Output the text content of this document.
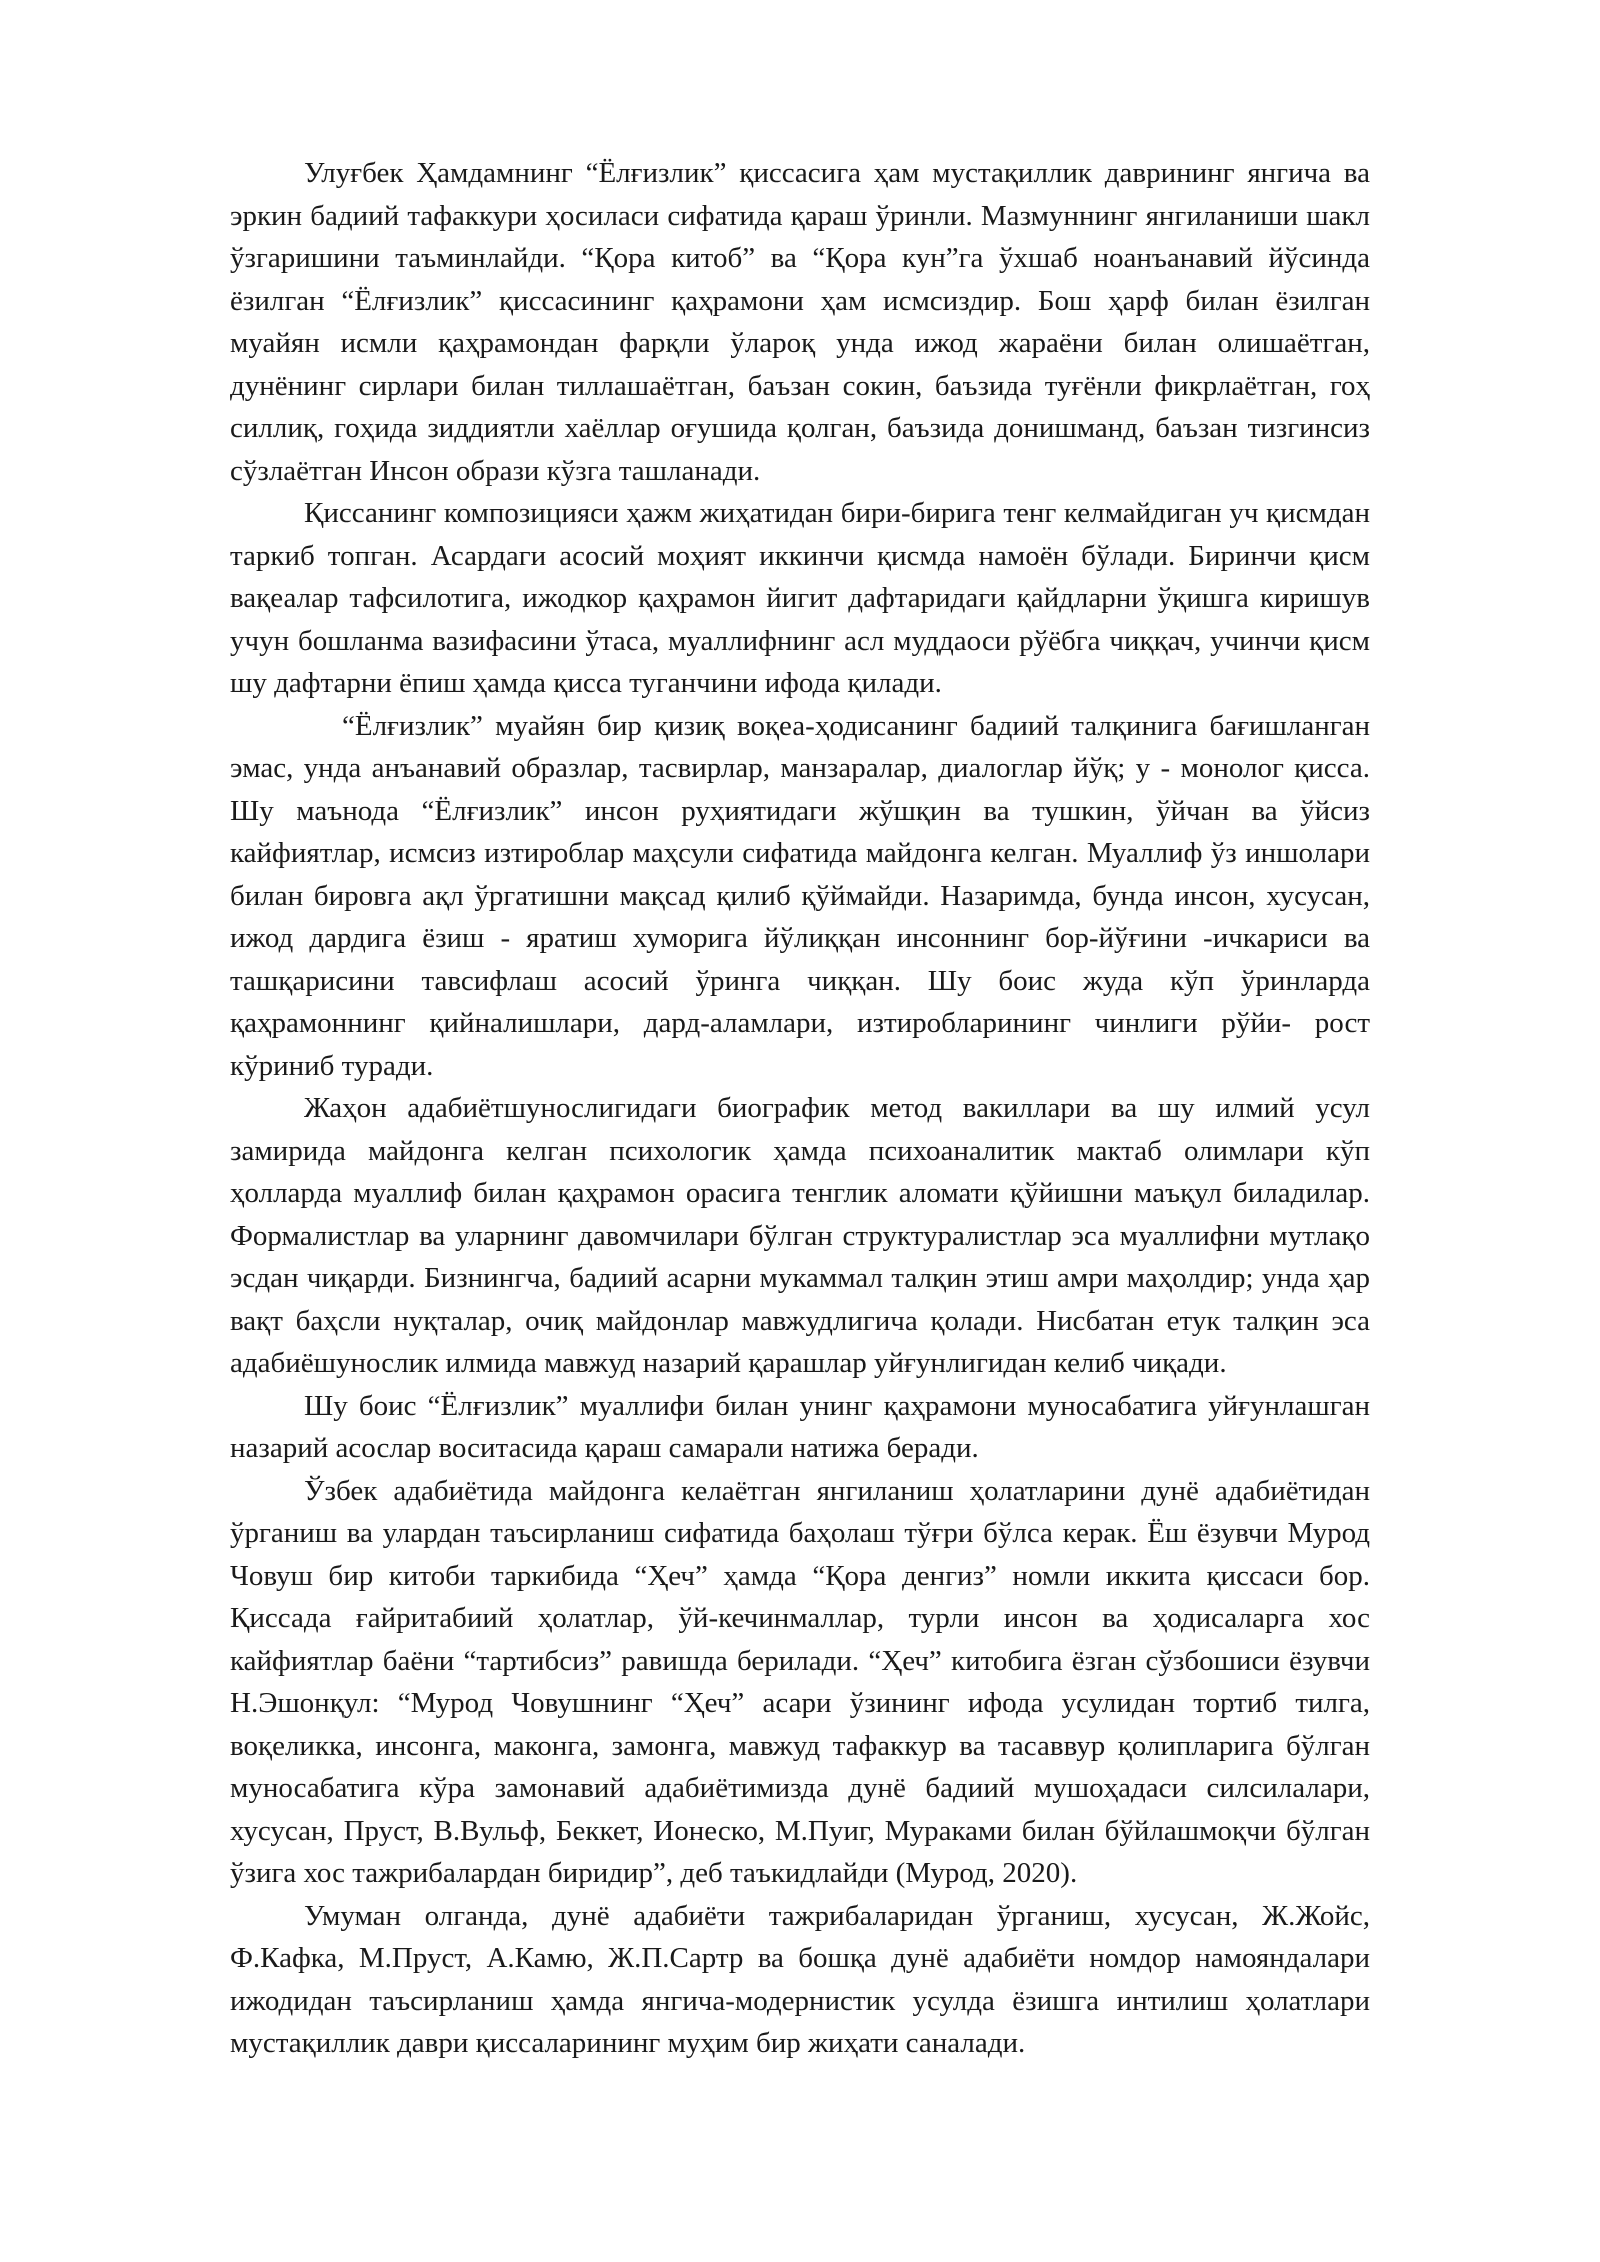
Улуғбек Ҳамдамнинг “Ёлғизлик” қиссасига ҳам мустақиллик даврининг янгича ва эркин бадиий тафаккури ҳосиласи сифатида қараш ўринли. Мазмуннинг янгиланиши шакл ўзгаришини таъминлайди. “Қора китоб” ва “Қора кун”га ўхшаб ноанъанавий йўсинда ёзилган “Ёлғизлик” қиссасининг қаҳрамони ҳам исмсиздир. Бош ҳарф билан ёзилган муайян исмли қаҳрамондан фарқли ўлароқ унда ижод жараёни билан олишаётган, дунёнинг сирлари билан тиллашаётган, баъзан сокин, баъзида туғёнли фикрлаётган, гоҳ силлиқ, гоҳида зиддиятли хаёллар оғушида қолган, баъзида донишманд, баъзан тизгинсиз сўзлаётган Инсон образи кўзга ташланади.

Қиссанинг композицияси ҳажм жиҳатидан бири-бирига тенг келмайдиган уч қисмдан таркиб топган. Асардаги асосий моҳият иккинчи қисмда намоён бўлади. Биринчи қисм вақеалар тафсилотига, ижодкор қаҳрамон йигит дафтаридаги қайдларни ўқишга киришув учун бошланма вазифасини ўтаса, муаллифнинг асл муддаоси рўёбга чиққач, учинчи қисм шу дафтарни ёпиш ҳамда қисса туганчини ифода қилади.

“Ёлғизлик” муайян бир қизиқ воқеа-ҳодисанинг бадиий талқинига бағишланган эмас, унда анъанавий образлар, тасвирлар, манзаралар, диалоглар йўқ; у - монолог қисса. Шу маънода “Ёлғизлик” инсон руҳиятидаги жўшқин ва тушкин, ўйчан ва ўйсиз кайфиятлар, исмсиз изтироблар маҳсули сифатида майдонга келган. Муаллиф ўз иншолари билан бировга ақл ўргатишни мақсад қилиб қўймайди. Назаримда, бунда инсон, хусусан, ижод дардига ёзиш - яратиш хуморига йўлиққан инсоннинг бор-йўғини -ичкариси ва ташқарисини тавсифлаш асосий ўринга чиққан. Шу боис жуда кўп ўринларда қаҳрамоннинг қийналишлари, дард-аламлари, изтиробларининг чинлиги рўйи- рост кўриниб туради.

Жаҳон адабиётшунослигидаги биографик метод вакиллари ва шу илмий усул замирида майдонга келган психологик ҳамда психоаналитик мактаб олимлари кўп ҳолларда муаллиф билан қаҳрамон орасига тенглик аломати қўйишни маъқул биладилар. Формалистлар ва уларнинг давомчилари бўлган структуралистлар эса муаллифни мутлақо эсдан чиқарди. Бизнингча, бадиий асарни мукаммал талқин этиш амри маҳолдир; унда ҳар вақт баҳсли нуқталар, очиқ майдонлар мавжудлигича қолади. Нисбатан етук талқин эса адабиёшунослик илмида мавжуд назарий қарашлар уйғунлигидан келиб чиқади.

Шу боис “Ёлғизлик” муаллифи билан унинг қаҳрамони муносабатига уйғунлашган назарий асослар воситасида қараш самарали натижа беради.

Ўзбек адабиётида майдонга келаётган янгиланиш ҳолатларини дунё адабиётидан ўрганиш ва улардан таъсирланиш сифатида баҳолаш тўғри бўлса керак. Ёш ёзувчи Мурод Човуш бир китоби таркибида “Ҳеч” ҳамда “Қора денгиз” номли иккита қиссаси бор. Қиссада ғайритабиий ҳолатлар, ўй-кечинмаллар, турли инсон ва ҳодисаларга хос кайфиятлар баёни “тартибсиз” равишда берилади. “Ҳеч” китобига ёзган сўзбошиси ёзувчи Н.Эшонқул: “Мурод Човушнинг “Ҳеч” асари ўзининг ифода усулидан тортиб тилга, воқеликка, инсонга, маконга, замонга, мавжуд тафаккур ва тасаввур қолипларига бўлган муносабатига кўра замонавий адабиётимизда дунё бадиий мушоҳадаси силсилалари, хусусан, Пруст, В.Вульф, Беккет, Ионеско, М.Пуиг, Мураками билан бўйлашмоқчи бўлган ўзига хос тажрибалардан биридир”, деб таъкидлайди (Мурод, 2020).

Умуман олганда, дунё адабиёти тажрибаларидан ўрганиш, хусусан, Ж.Жойс, Ф.Кафка, М.Пруст, А.Камю, Ж.П.Сартр ва бошқа дунё адабиёти номдор намояндалари ижодидан таъсирланиш ҳамда янгича-модернистик усулда ёзишга интилиш ҳолатлари мустақиллик даври қиссаларининг муҳим бир жиҳати саналади.
